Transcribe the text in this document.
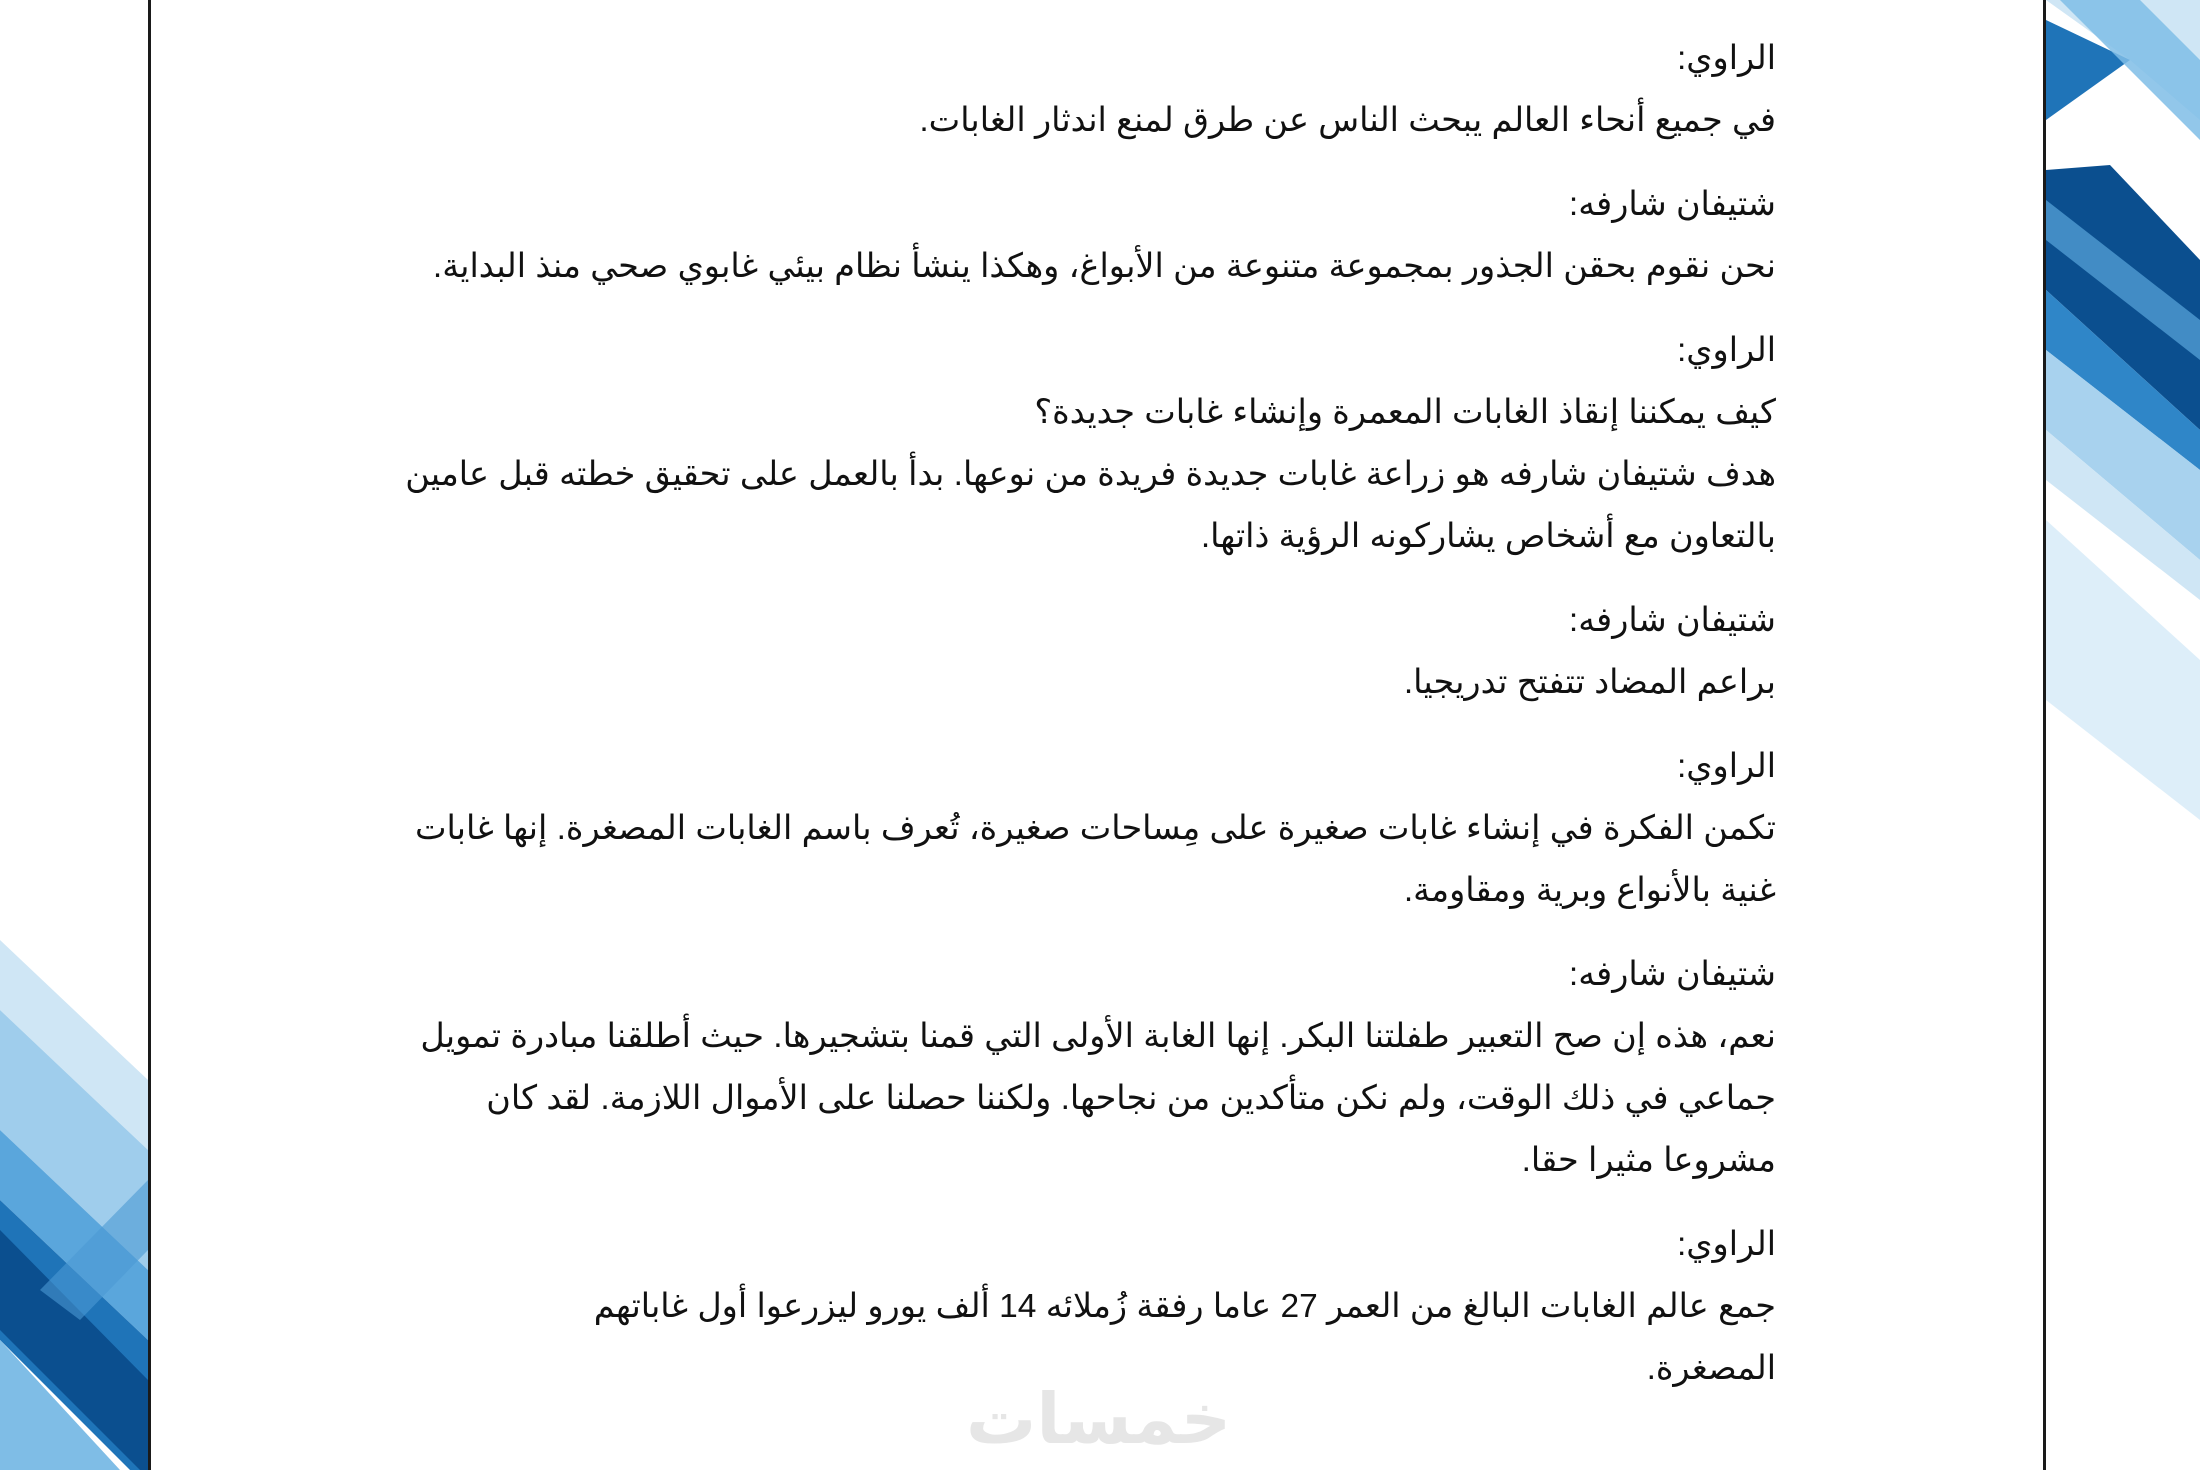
الراوي:
في جميع أنحاء العالم يبحث الناس عن طرق لمنع اندثار الغابات.
شتيفان شارفه:
نحن نقوم بحقن الجذور بمجموعة متنوعة من الأبواغ، وهكذا ينشأ نظام بيئي غابوي صحي منذ البداية.
الراوي:
كيف يمكننا إنقاذ الغابات المعمرة وإنشاء غابات جديدة؟
هدف شتيفان شارفه هو زراعة غابات جديدة فريدة من نوعها. بدأ بالعمل على تحقيق خطته قبل عامين
بالتعاون مع أشخاص يشاركونه الرؤية ذاتها.
شتيفان شارفه:
براعم المضاد تتفتح تدريجيا.
الراوي:
تكمن الفكرة في إنشاء غابات صغيرة على مِساحات صغيرة، تُعرف باسم الغابات المصغرة. إنها غابات
غنية بالأنواع وبرية ومقاومة.
شتيفان شارفه:
نعم، هذه إن صح التعبير طفلتنا البكر. إنها الغابة الأولى التي قمنا بتشجيرها. حيث أطلقنا مبادرة تمويل
جماعي في ذلك الوقت، ولم نكن متأكدين من نجاحها. ولكننا حصلنا على الأموال اللازمة. لقد كان
مشروعا مثيرا حقا.
الراوي:
جمع عالم الغابات البالغ من العمر 27 عاما رفقة زُملائه 14 ألف يورو ليزرعوا أول غاباتهم
المصغرة.
خمسات
